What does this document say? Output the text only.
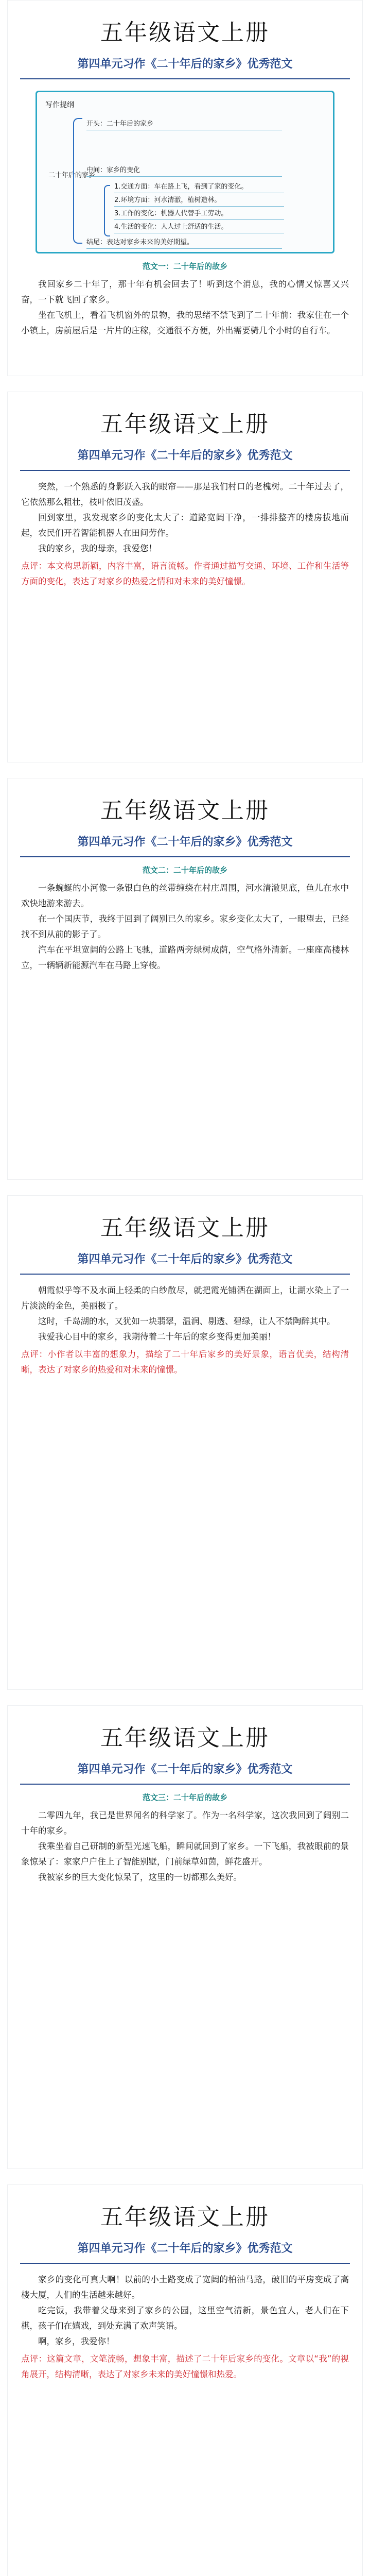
五年级语文上册
第四单元习作《二十年后的家乡》优秀范文
写作提纲
二十年后的家乡
开头：二十年后的家乡
中间：家乡的变化
1.交通方面：车在路上飞，看到了家的变化。
2.环境方面：河水清澈，植树造林。
3.工作的变化：机器人代替手工劳动。
4.生活的变化：人人过上舒适的生活。
结尾：表达对家乡未来的美好期望。
范文一：二十年后的故乡

我回家乡二十年了，那十年有机会回去了！听到这个消息，我的心情又惊喜又兴奋，一下就飞回了家乡。

坐在飞机上，看着飞机窗外的景物，我的思绪不禁飞到了二十年前：我家住在一个小镇上，房前屋后是一片片的庄稼，交通很不方便，外出需要骑几个小时的自行车。

五年级语文上册
第四单元习作《二十年后的家乡》优秀范文

突然，一个熟悉的身影跃入我的眼帘——那是我们村口的老槐树。二十年过去了，它依然那么粗壮，枝叶依旧茂盛。

回到家里，我发现家乡的变化太大了：道路宽阔干净，一排排整齐的楼房拔地而起，农民们开着智能机器人在田间劳作。

我的家乡，我的母亲，我爱您！

点评：本文构思新颖，内容丰富，语言流畅。作者通过描写交通、环境、工作和生活等方面的变化，表达了对家乡的热爱之情和对未来的美好憧憬。

五年级语文上册
第四单元习作《二十年后的家乡》优秀范文
范文二：二十年后的故乡

一条蜿蜒的小河像一条银白色的丝带缠绕在村庄周围，河水清澈见底，鱼儿在水中欢快地游来游去。

在一个国庆节，我终于回到了阔别已久的家乡。家乡变化太大了，一眼望去，已经找不到从前的影子了。

汽车在平坦宽阔的公路上飞驰，道路两旁绿树成荫，空气格外清新。一座座高楼林立，一辆辆新能源汽车在马路上穿梭。

五年级语文上册
第四单元习作《二十年后的家乡》优秀范文

朝霞似乎等不及水面上轻柔的白纱散尽，就把霞光铺洒在湖面上，让湖水染上了一片淡淡的金色，美丽极了。

这时，千岛湖的水，又犹如一块翡翠，温润、剔透、碧绿，让人不禁陶醉其中。

我爱我心目中的家乡，我期待着二十年后的家乡变得更加美丽！

点评：小作者以丰富的想象力，描绘了二十年后家乡的美好景象，语言优美，结构清晰，表达了对家乡的热爱和对未来的憧憬。

五年级语文上册
第四单元习作《二十年后的家乡》优秀范文
范文三：二十年后的故乡

二零四九年，我已是世界闻名的科学家了。作为一名科学家，这次我回到了阔别二十年的家乡。

我乘坐着自己研制的新型光速飞船，瞬间就回到了家乡。一下飞船，我被眼前的景象惊呆了：家家户户住上了智能别墅，门前绿草如茵，鲜花盛开。

我被家乡的巨大变化惊呆了，这里的一切都那么美好。

五年级语文上册
第四单元习作《二十年后的家乡》优秀范文

家乡的变化可真大啊！以前的小土路变成了宽阔的柏油马路，破旧的平房变成了高楼大厦，人们的生活越来越好。

吃完饭，我带着父母来到了家乡的公园，这里空气清新，景色宜人，老人们在下棋，孩子们在嬉戏，到处充满了欢声笑语。

啊，家乡，我爱你！

点评：这篇文章，文笔流畅，想象丰富，描述了二十年后家乡的变化。文章以“我”的视角展开，结构清晰，表达了对家乡未来的美好憧憬和热爱。
